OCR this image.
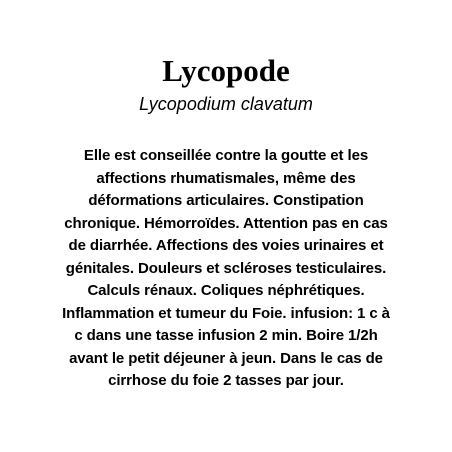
Lycopode

Lycopodium clavatum

Elle est conseillée contre la goutte et les
affections rhumatismales, même des
déformations articulaires. Constipation
chronique. Hémorroïdes. Attention pas en cas
de diarrhée. Affections des voies urinaires et
génitales. Douleurs et scléroses testiculaires.
Calculs rénaux. Coliques néphrétiques.
Inflammation et tumeur du Foie. infusion: 1 c à
c dans une tasse infusion 2 min. Boire 1/2h
avant le petit déjeuner à jeun. Dans le cas de
cirrhose du foie 2 tasses par jour.
